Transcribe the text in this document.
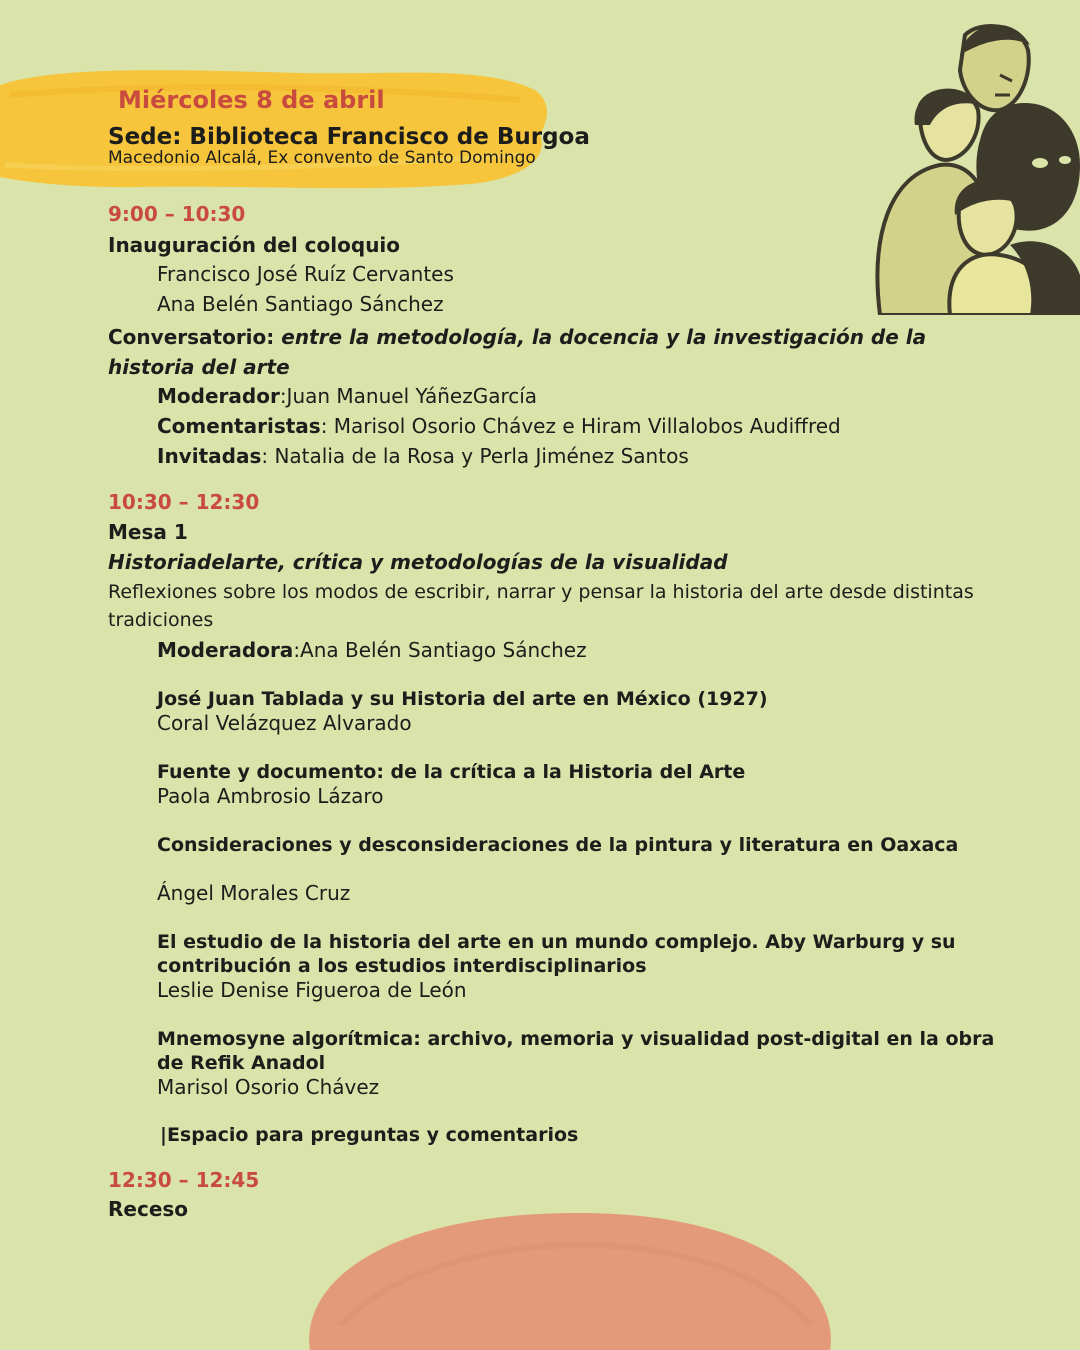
Miércoles 8 de abril
Sede: Biblioteca Francisco de Burgoa
Macedonio Alcalá, Ex convento de Santo Domingo
9:00 – 10:30
Inauguración del coloquio
Francisco José Ruíz Cervantes
Ana Belén Santiago Sánchez
Conversatorio: entre la metodología, la docencia y la investigación de la historia del arte
Moderador:Juan Manuel YáñezGarcía
Comentaristas: Marisol Osorio Chávez e Hiram Villalobos Audiffred
Invitadas: Natalia de la Rosa y Perla Jiménez Santos
10:30 – 12:30
Mesa 1
Historiadelarte, crítica y metodologías de la visualidad
Reflexiones sobre los modos de escribir, narrar y pensar la historia del arte desde distintas tradiciones
Moderadora:Ana Belén Santiago Sánchez
José Juan Tablada y su Historia del arte en México (1927)
Coral Velázquez Alvarado
Fuente y documento: de la crítica a la Historia del Arte
Paola Ambrosio Lázaro
Consideraciones y desconsideraciones de la pintura y literatura en Oaxaca
Ángel Morales Cruz
El estudio de la historia del arte en un mundo complejo. Aby Warburg y su contribución a los estudios interdisciplinarios
Leslie Denise Figueroa de León
Mnemosyne algorítmica: archivo, memoria y visualidad post-digital en la obra de Refik Anadol
Marisol Osorio Chávez
|Espacio para preguntas y comentarios
12:30 – 12:45
Receso
